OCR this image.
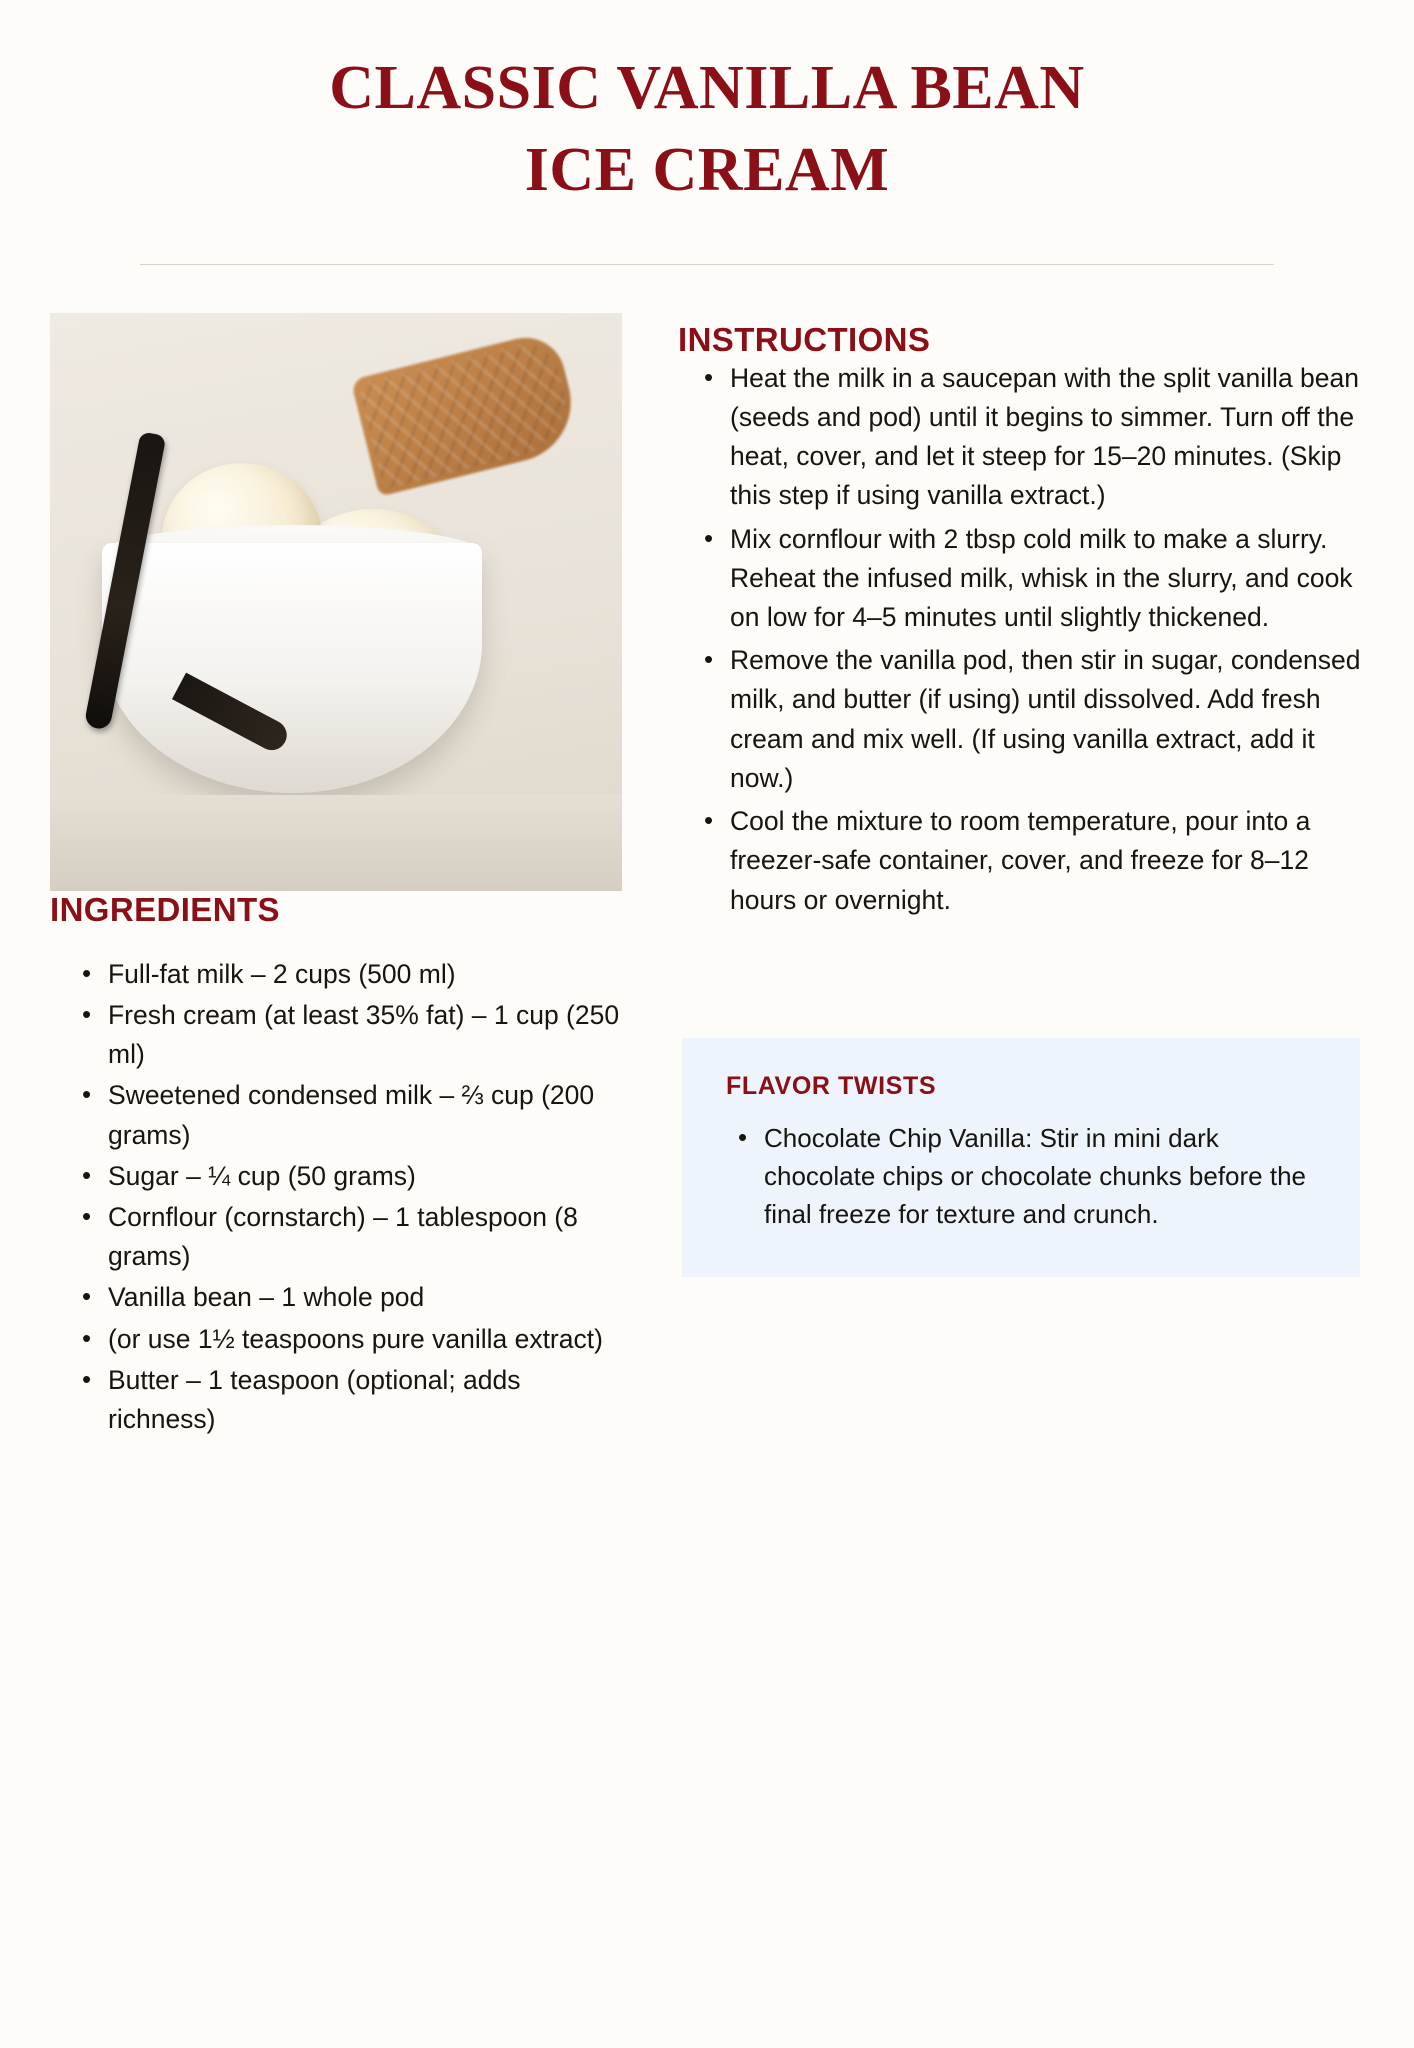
CLASSIC VANILLA BEAN
ICE CREAM
INGREDIENTS
• Full-fat milk – 2 cups (500 ml)
• Fresh cream (at least 35% fat) – 1 cup (250 ml)
• Sweetened condensed milk – ⅔ cup (200 grams)
• Sugar – ¼ cup (50 grams)
• Cornflour (cornstarch) – 1 tablespoon (8 grams)
• Vanilla bean – 1 whole pod
• (or use 1½ teaspoons pure vanilla extract)
• Butter – 1 teaspoon (optional; adds richness)
INSTRUCTIONS
• Heat the milk in a saucepan with the split vanilla bean (seeds and pod) until it begins to simmer. Turn off the heat, cover, and let it steep for 15–20 minutes. (Skip this step if using vanilla extract.)
• Mix cornflour with 2 tbsp cold milk to make a slurry. Reheat the infused milk, whisk in the slurry, and cook on low for 4–5 minutes until slightly thickened.
• Remove the vanilla pod, then stir in sugar, condensed milk, and butter (if using) until dissolved. Add fresh cream and mix well. (If using vanilla extract, add it now.)
• Cool the mixture to room temperature, pour into a freezer-safe container, cover, and freeze for 8–12 hours or overnight.
FLAVOR TWISTS
• Chocolate Chip Vanilla: Stir in mini dark chocolate chips or chocolate chunks before the final freeze for texture and crunch.
